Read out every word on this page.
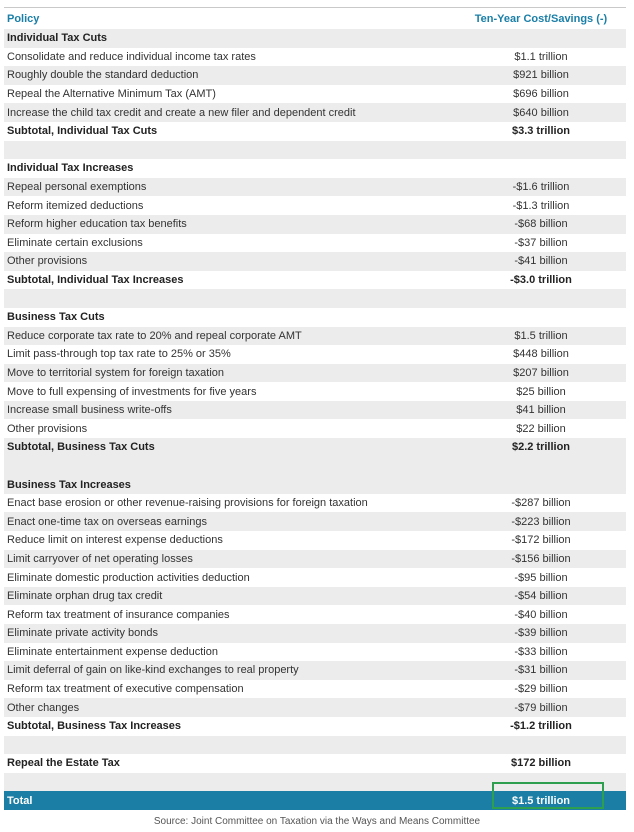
Policy	Ten-Year Cost/Savings (-)
Individual Tax Cuts
Consolidate and reduce individual income tax rates	$1.1 trillion
Roughly double the standard deduction	$921 billion
Repeal the Alternative Minimum Tax (AMT)	$696 billion
Increase the child tax credit and create a new filer and dependent credit	$640 billion
Subtotal, Individual Tax Cuts	$3.3 trillion
Individual Tax Increases
Repeal personal exemptions	-$1.6 trillion
Reform itemized deductions	-$1.3 trillion
Reform higher education tax benefits	-$68 billion
Eliminate certain exclusions	-$37 billion
Other provisions	-$41 billion
Subtotal, Individual Tax Increases	-$3.0 trillion
Business Tax Cuts
Reduce corporate tax rate to 20% and repeal corporate AMT	$1.5 trillion
Limit pass-through top tax rate to 25% or 35%	$448 billion
Move to territorial system for foreign taxation	$207 billion
Move to full expensing of investments for five years	$25 billion
Increase small business write-offs	$41 billion
Other provisions	$22 billion
Subtotal, Business Tax Cuts	$2.2 trillion
Business Tax Increases
Enact base erosion or other revenue-raising provisions for foreign taxation	-$287 billion
Enact one-time tax on overseas earnings	-$223 billion
Reduce limit on interest expense deductions	-$172 billion
Limit carryover of net operating losses	-$156 billion
Eliminate domestic production activities deduction	-$95 billion
Eliminate orphan drug tax credit	-$54 billion
Reform tax treatment of insurance companies	-$40 billion
Eliminate private activity bonds	-$39 billion
Eliminate entertainment expense deduction	-$33 billion
Limit deferral of gain on like-kind exchanges to real property	-$31 billion
Reform tax treatment of executive compensation	-$29 billion
Other changes	-$79 billion
Subtotal, Business Tax Increases	-$1.2 trillion
Repeal the Estate Tax	$172 billion
Total	$1.5 trillion
Source: Joint Committee on Taxation via the Ways and Means Committee
